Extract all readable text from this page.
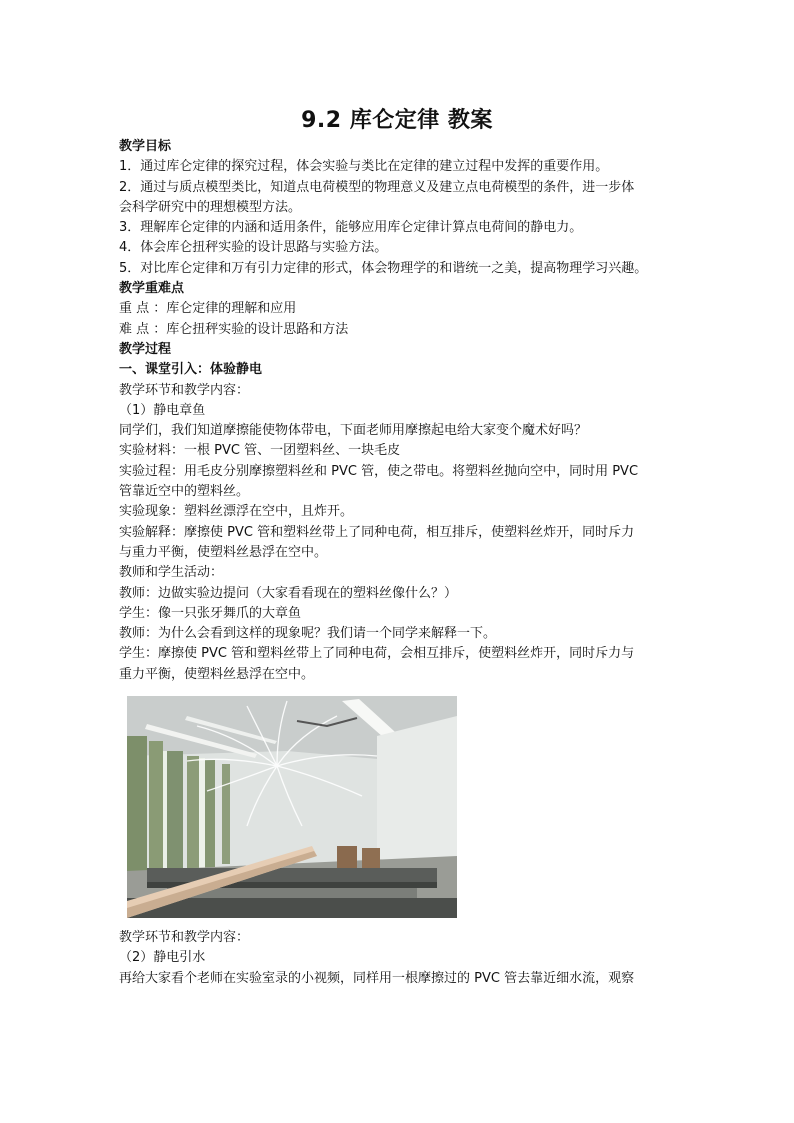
9.2 库仑定律 教案
教学目标
1．通过库仑定律的探究过程，体会实验与类比在定律的建立过程中发挥的重要作用。
2．通过与质点模型类比，知道点电荷模型的物理意义及建立点电荷模型的条件，进一步体
会科学研究中的理想模型方法。
3．理解库仑定律的内涵和适用条件，能够应用库仑定律计算点电荷间的静电力。
4．体会库仑扭秤实验的设计思路与实验方法。
5．对比库仑定律和万有引力定律的形式，体会物理学的和谐统一之美，提高物理学习兴趣。
教学重难点
重 点 ：库仑定律的理解和应用
难 点 ：库仑扭秤实验的设计思路和方法
教学过程
一、课堂引入：体验静电
教学环节和教学内容：
（1）静电章鱼
同学们，我们知道摩擦能使物体带电，下面老师用摩擦起电给大家变个魔术好吗？
实验材料：一根 PVC 管、一团塑料丝、一块毛皮
实验过程：用毛皮分别摩擦塑料丝和 PVC 管，使之带电。将塑料丝抛向空中，同时用 PVC
管靠近空中的塑料丝。
实验现象：塑料丝漂浮在空中，且炸开。
实验解释：摩擦使 PVC 管和塑料丝带上了同种电荷，相互排斥，使塑料丝炸开，同时斥力
与重力平衡，使塑料丝悬浮在空中。
教师和学生活动：
教师：边做实验边提问（大家看看现在的塑料丝像什么？）
学生：像一只张牙舞爪的大章鱼
教师：为什么会看到这样的现象呢？我们请一个同学来解释一下。
学生：摩擦使 PVC 管和塑料丝带上了同种电荷，会相互排斥，使塑料丝炸开，同时斥力与
重力平衡，使塑料丝悬浮在空中。
教学环节和教学内容：
（2）静电引水
再给大家看个老师在实验室录的小视频，同样用一根摩擦过的 PVC 管去靠近细水流，观察
